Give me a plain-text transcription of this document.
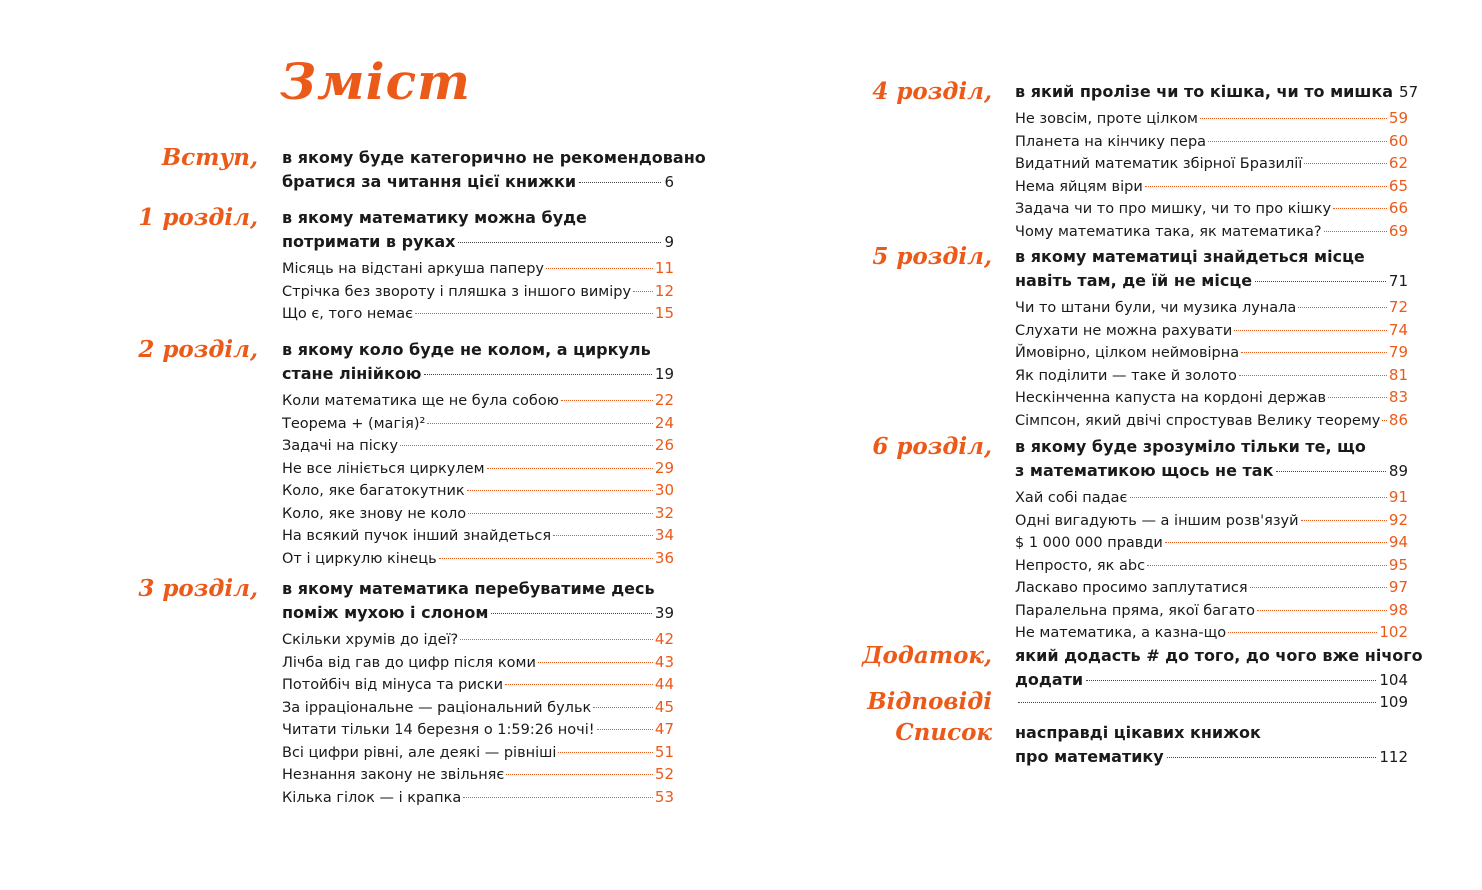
Зміст
Вступ, в якому буде категорично не рекомендовано
братися за читання цієї книжки	6
1 розділ, в якому математику можна буде
потримати в руках	9
Місяць на відстані аркуша паперу	11
Стрічка без звороту і пляшка з іншого виміру 12
Що є, того немає	15
2 розділ, в якому коло буде не колом, а циркуль
стане лінійкою	19
Коли математика ще не була собою	22
Теорема + (магія)²	24
Задачі на піску	26
Не все лініється циркулем	29
Коло, яке багатокутник	30
Коло, яке знову не коло	32
На всякий пучок інший знайдеться	34
От і циркулю кінець	36
3 розділ, в якому математика перебуватиме десь
поміж мухою і слоном	39
Скільки хрумів до ідеї?	42
Лічба від гав до цифр після коми	43
Потойбіч від мінуса та риски	44
За ірраціональне — раціональний бульк	45
Читати тільки 14 березня о 1:59:26 ночі!	47
Всі цифри рівні, але деякі — рівніші	51
Незнання закону не звільняє	52
Кілька гілок — і крапка	53
4 розділ, в який пролізе чи то кішка, чи то мишка 57
Не зовсім, проте цілком	59
Планета на кінчику пера	60
Видатний математик збірної Бразилії	62
Нема яйцям віри	65
Задача чи то про мишку, чи то про кішку	66
Чому математика така, як математика?	69
5 розділ, в якому математиці знайдеться місце
навіть там, де їй не місце	71
Чи то штани були, чи музика лунала	72
Слухати не можна рахувати	74
Ймовірно, цілком неймовірна	79
Як поділити — таке й золото	81
Нескінченна капуста на кордоні держав	83
Сімпсон, який двічі спростував Велику теорему 86
6 розділ, в якому буде зрозуміло тільки те, що
з математикою щось не так	89
Хай собі падає	91
Одні вигадують — а іншим розв'язуй	92
$ 1 000 000 правди	94
Непросто, як abc	95
Ласкаво просимо заплутатися	97
Паралельна пряма, якої багато	98
Не математика, а казна-що	102
Додаток, який додасть # до того, до чого вже нічого
додати	104
Відповіді	109
Список насправді цікавих книжок
про математику	112
